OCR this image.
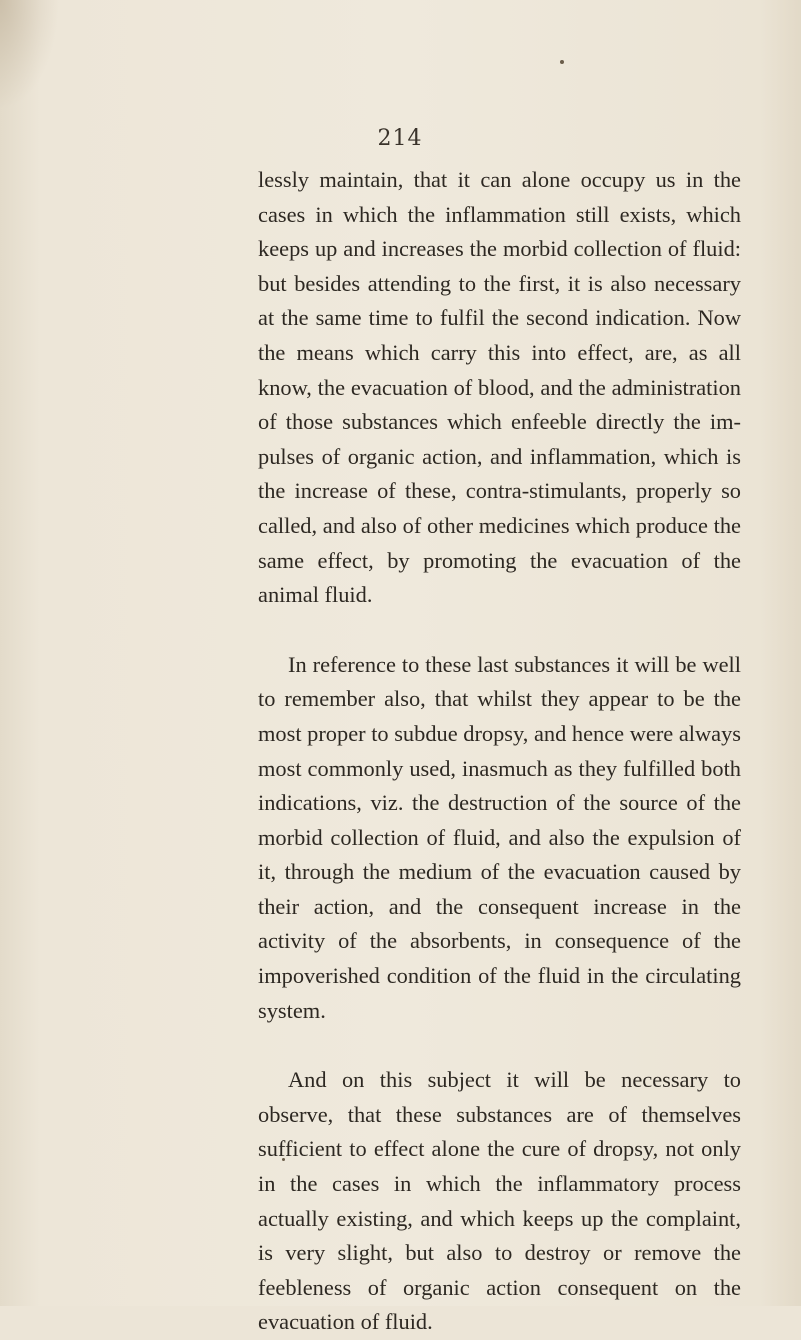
214

lessly maintain, that it can alone occupy us in the cases in which the inflammation still exists, which keeps up and increases the morbid collection of fluid: but besides attending to the first, it is also necessary at the same time to fulfil the second indication. Now the means which carry this into effect, are, as all know, the evacuation of blood, and the administration of those substances which enfeeble directly the im- pulses of organic action, and inflammation, which is the increase of these, contra-stimulants, properly so called, and also of other medicines which produce the same effect, by promoting the evacuation of the animal fluid.

In reference to these last substances it will be well to remember also, that whilst they appear to be the most proper to subdue dropsy, and hence were always most commonly used, inasmuch as they fulfilled both indications, viz. the destruction of the source of the morbid collection of fluid, and also the expulsion of it, through the medium of the evacuation caused by their action, and the consequent increase in the activity of the absorbents, in consequence of the impoverished condition of the fluid in the circulating system.

And on this subject it will be necessary to observe, that these substances are of themselves sufficient to effect alone the cure of dropsy, not only in the cases in which the inflammatory process actually existing, and which keeps up the complaint, is very slight, but also to destroy or remove the feebleness of organic action consequent on the evacuation of fluid.
